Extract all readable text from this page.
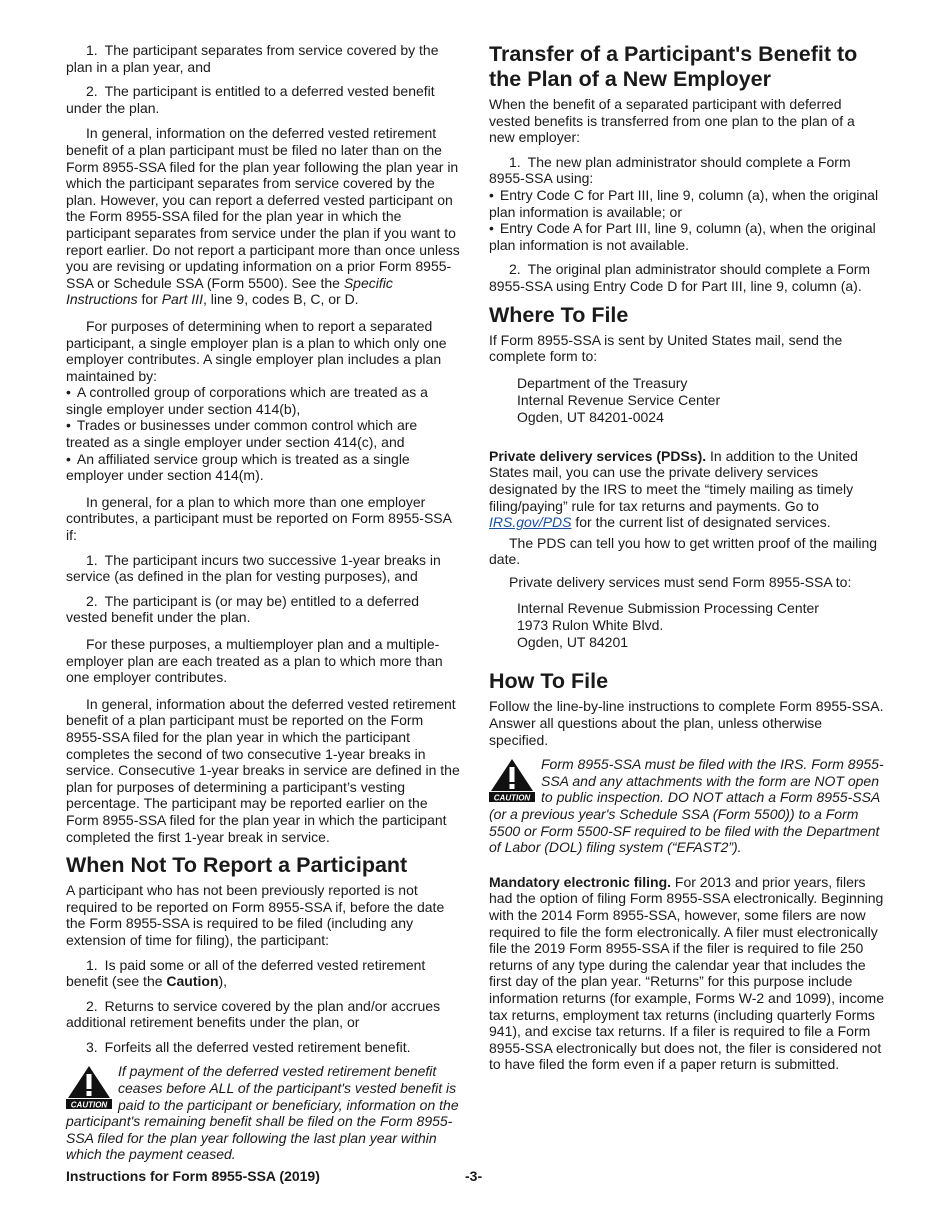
1. The participant separates from service covered by the plan in a plan year, and

2. The participant is entitled to a deferred vested benefit under the plan.

In general, information on the deferred vested retirement benefit of a plan participant must be filed no later than on the Form 8955-SSA filed for the plan year following the plan year in which the participant separates from service covered by the plan. However, you can report a deferred vested participant on the Form 8955-SSA filed for the plan year in which the participant separates from service under the plan if you want to report earlier. Do not report a participant more than once unless you are revising or updating information on a prior Form 8955-SSA or Schedule SSA (Form 5500). See the Specific Instructions for Part III, line 9, codes B, C, or D.

For purposes of determining when to report a separated participant, a single employer plan is a plan to which only one employer contributes. A single employer plan includes a plan maintained by:

• A controlled group of corporations which are treated as a single employer under section 414(b),

• Trades or businesses under common control which are treated as a single employer under section 414(c), and

• An affiliated service group which is treated as a single employer under section 414(m).

In general, for a plan to which more than one employer contributes, a participant must be reported on Form 8955-SSA if:

1. The participant incurs two successive 1-year breaks in service (as defined in the plan for vesting purposes), and

2. The participant is (or may be) entitled to a deferred vested benefit under the plan.

For these purposes, a multiemployer plan and a multiple-employer plan are each treated as a plan to which more than one employer contributes.

In general, information about the deferred vested retirement benefit of a plan participant must be reported on the Form 8955-SSA filed for the plan year in which the participant completes the second of two consecutive 1-year breaks in service. Consecutive 1-year breaks in service are defined in the plan for purposes of determining a participant’s vesting percentage. The participant may be reported earlier on the Form 8955-SSA filed for the plan year in which the participant completed the first 1-year break in service.

When Not To Report a Participant

A participant who has not been previously reported is not required to be reported on Form 8955-SSA if, before the date the Form 8955-SSA is required to be filed (including any extension of time for filing), the participant:

1. Is paid some or all of the deferred vested retirement benefit (see the Caution),

2. Returns to service covered by the plan and/or accrues additional retirement benefits under the plan, or

3. Forfeits all the deferred vested retirement benefit.

CAUTION
If payment of the deferred vested retirement benefit ceases before ALL of the participant's vested benefit is paid to the participant or beneficiary, information on the participant's remaining benefit shall be filed on the Form 8955-SSA filed for the plan year following the last plan year within which the payment ceased.
Transfer of a Participant's Benefit to the Plan of a New Employer

When the benefit of a separated participant with deferred vested benefits is transferred from one plan to the plan of a new employer:

1. The new plan administrator should complete a Form 8955-SSA using:

• Entry Code C for Part III, line 9, column (a), when the original plan information is available; or

• Entry Code A for Part III, line 9, column (a), when the original plan information is not available.

2. The original plan administrator should complete a Form 8955-SSA using Entry Code D for Part III, line 9, column (a).

Where To File

If Form 8955-SSA is sent by United States mail, send the complete form to:

Department of the Treasury
Internal Revenue Service Center
Ogden, UT 84201-0024

Private delivery services (PDSs). In addition to the United States mail, you can use the private delivery services designated by the IRS to meet the “timely mailing as timely filing/paying” rule for tax returns and payments. Go to IRS.gov/PDS for the current list of designated services.

The PDS can tell you how to get written proof of the mailing date.

Private delivery services must send Form 8955-SSA to:

Internal Revenue Submission Processing Center
1973 Rulon White Blvd.
Ogden, UT 84201
How To File

Follow the line-by-line instructions to complete Form 8955-SSA. Answer all questions about the plan, unless otherwise specified.

CAUTION
Form 8955-SSA must be filed with the IRS. Form 8955-SSA and any attachments with the form are NOT open to public inspection. DO NOT attach a Form 8955-SSA (or a previous year's Schedule SSA (Form 5500)) to a Form 5500 or Form 5500-SF required to be filed with the Department of Labor (DOL) filing system (“EFAST2”).

Mandatory electronic filing. For 2013 and prior years, filers had the option of filing Form 8955-SSA electronically. Beginning with the 2014 Form 8955-SSA, however, some filers are now required to file the form electronically. A filer must electronically file the 2019 Form 8955-SSA if the filer is required to file 250 returns of any type during the calendar year that includes the first day of the plan year. “Returns” for this purpose include information returns (for example, Forms W-2 and 1099), income tax returns, employment tax returns (including quarterly Forms 941), and excise tax returns. If a filer is required to file a Form 8955-SSA electronically but does not, the filer is considered not to have filed the form even if a paper return is submitted.

Instructions for Form 8955-SSA (2019)	-3-
